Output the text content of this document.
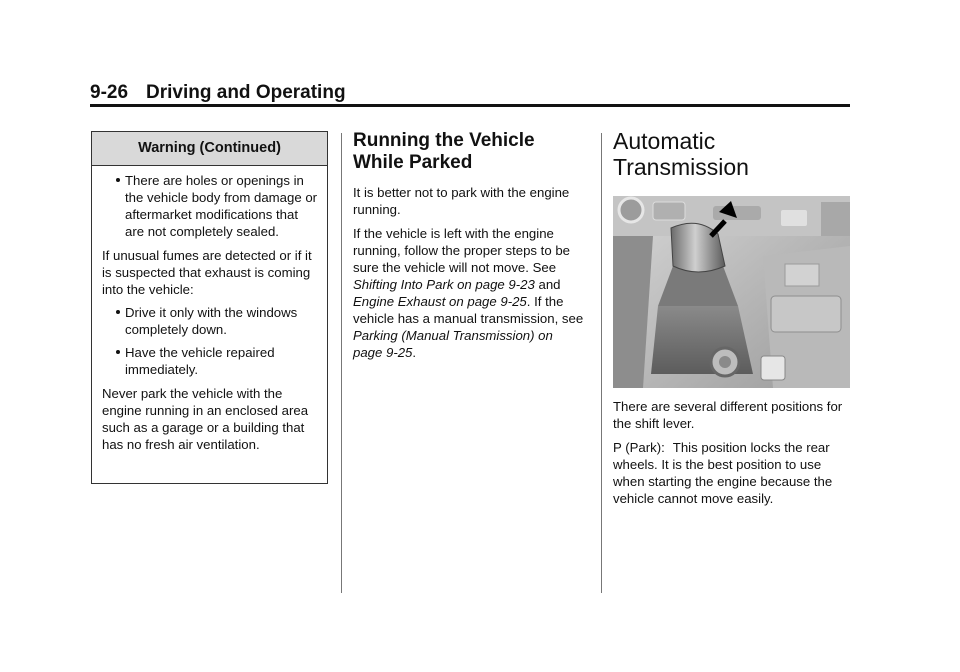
9-26 Driving and Operating
Warning (Continued)
There are holes or openings in the vehicle body from damage or aftermarket modifications that are not completely sealed.

If unusual fumes are detected or if it is suspected that exhaust is coming into the vehicle:

Drive it only with the windows completely down.
Have the vehicle repaired immediately.

Never park the vehicle with the engine running in an enclosed area such as a garage or a building that has no fresh air ventilation.

Running the Vehicle
While Parked

It is better not to park with the engine running.

If the vehicle is left with the engine running, follow the proper steps to be sure the vehicle will not move. See Shifting Into Park on page 9-23 and Engine Exhaust on page 9-25. If the vehicle has a manual transmission, see Parking (Manual Transmission) on page 9-25.

Automatic
Transmission

There are several different positions for the shift lever.

P (Park): This position locks the rear wheels. It is the best position to use when starting the engine because the vehicle cannot move easily.
